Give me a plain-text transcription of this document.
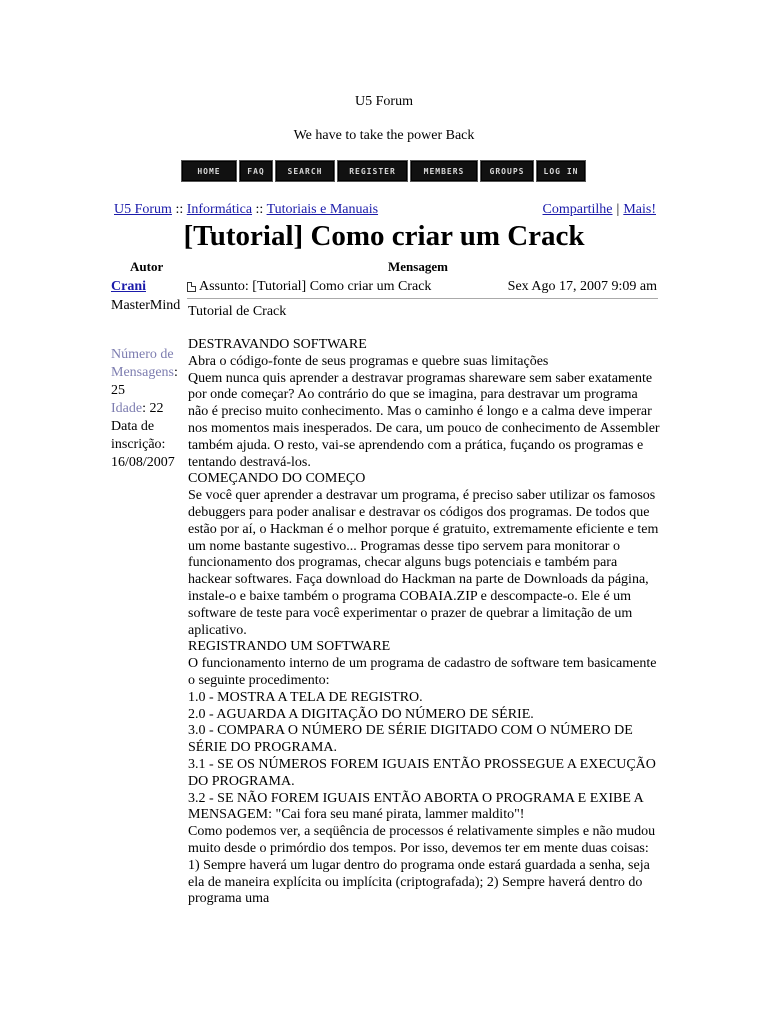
U5 Forum
We have to take the power Back
HOME	FAQ	SEARCH	REGISTER	MEMBERS	GROUPS	LOG IN
U5 Forum :: Informática :: Tutoriais e Manuais	Compartilhe | Mais!
[Tutorial] Como criar um Crack
Autor	Mensagem
Crani
MasterMind
Número de Mensagens:
25
Idade: 22
Data de inscrição:
16/08/2007
Assunto: [Tutorial] Como criar um Crack	Sex Ago 17, 2007 9:09 am
Tutorial de Crack

DESTRAVANDO SOFTWARE

Abra o código-fonte de seus programas e quebre suas limitações

Quem nunca quis aprender a destravar programas shareware sem saber exatamente por onde começar? Ao contrário do que se imagina, para destravar um programa não é preciso muito conhecimento. Mas o caminho é longo e a calma deve imperar nos momentos mais inesperados. De cara, um pouco de conhecimento de Assembler também ajuda. O resto, vai-se aprendendo com a prática, fuçando os programas e tentando destravá-los.

COMEÇANDO DO COMEÇO

Se você quer aprender a destravar um programa, é preciso saber utilizar os famosos debuggers para poder analisar e destravar os códigos dos programas. De todos que estão por aí, o Hackman é o melhor porque é gratuito, extremamente eficiente e tem um nome bastante sugestivo... Programas desse tipo servem para monitorar o funcionamento dos programas, checar alguns bugs potenciais e também para hackear softwares. Faça download do Hackman na parte de Downloads da página, instale-o e baixe também o programa COBAIA.ZIP e descompacte-o. Ele é um software de teste para você experimentar o prazer de quebrar a limitação de um aplicativo.

REGISTRANDO UM SOFTWARE

O funcionamento interno de um programa de cadastro de software tem basicamente o seguinte procedimento:

1.0 - MOSTRA A TELA DE REGISTRO.

2.0 - AGUARDA A DIGITAÇÃO DO NÚMERO DE SÉRIE.

3.0 - COMPARA O NÚMERO DE SÉRIE DIGITADO COM O NÚMERO DE SÉRIE DO PROGRAMA.

3.1 - SE OS NÚMEROS FOREM IGUAIS ENTÃO PROSSEGUE A EXECUÇÃO DO PROGRAMA.

3.2 - SE NÃO FOREM IGUAIS ENTÃO ABORTA O PROGRAMA E EXIBE A MENSAGEM: "Cai fora seu mané pirata, lammer maldito"!

Como podemos ver, a seqüência de processos é relativamente simples e não mudou muito desde o primórdio dos tempos. Por isso, devemos ter em mente duas coisas: 1) Sempre haverá um lugar dentro do programa onde estará guardada a senha, seja ela de maneira explícita ou implícita (criptografada); 2) Sempre haverá dentro do programa uma
